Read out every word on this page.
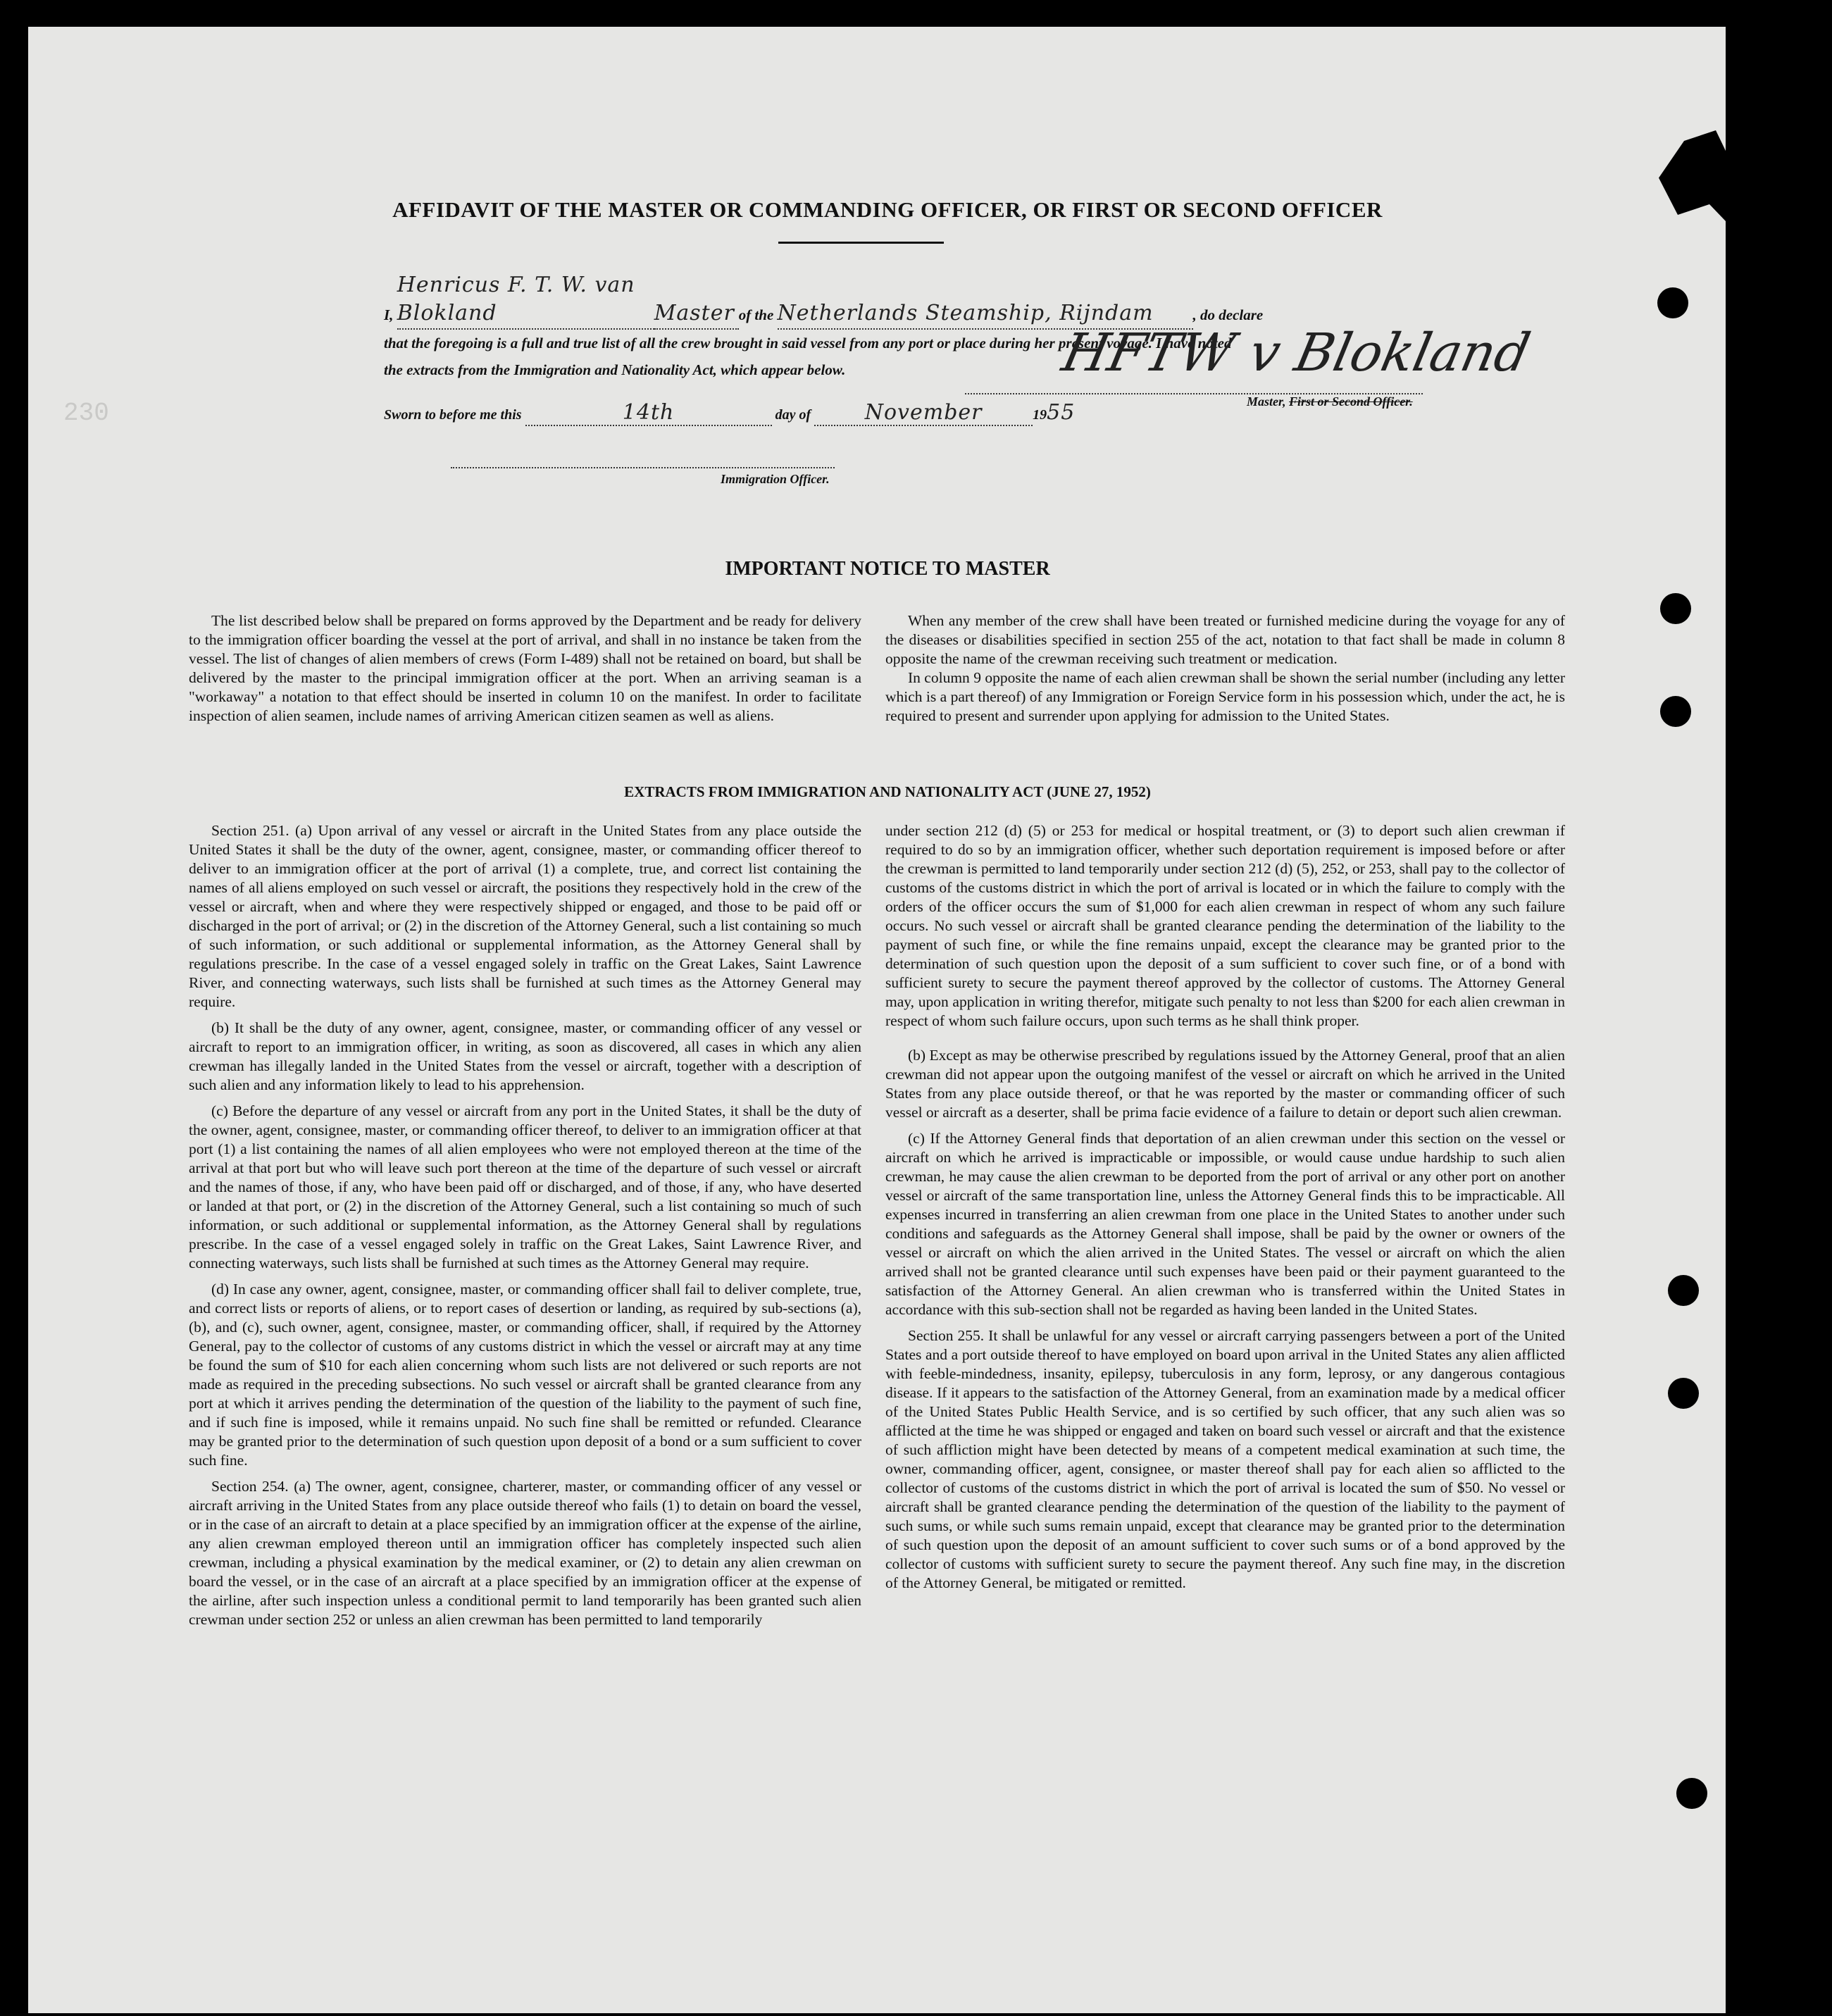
230
AFFIDAVIT OF THE MASTER OR COMMANDING OFFICER, OR FIRST OR SECOND OFFICER
I, Henricus F. T. W. van Blokland	Master of the Netherlands Steamship, Rijndam	, do declare
that the foregoing is a full and true list of all the crew brought in said vessel from any port or place during her present voyage. I have noted
the extracts from the Immigration and Nationality Act, which appear below.	HFTW v Blokland
Master, First or Second Officer.
Sworn to before me this	14th	day of	November	1955
Immigration Officer.
IMPORTANT NOTICE TO MASTER

The list described below shall be prepared on forms approved by the Department and be ready for delivery to the immigration officer boarding the vessel at the port of arrival, and shall in no instance be taken from the vessel. The list of changes of alien members of crews (Form I-489) shall not be retained on board, but shall be delivered by the master to the principal immigration officer at the port. When an arriving seaman is a "workaway" a notation to that effect should be inserted in column 10 on the manifest. In order to facilitate inspection of alien seamen, include names of arriving American citizen seamen as well as aliens.

When any member of the crew shall have been treated or furnished medicine during the voyage for any of the diseases or disabilities specified in section 255 of the act, notation to that fact shall be made in column 8 opposite the name of the crewman receiving such treatment or medication.

In column 9 opposite the name of each alien crewman shall be shown the serial number (including any letter which is a part thereof) of any Immigration or Foreign Service form in his possession which, under the act, he is required to present and surrender upon applying for admission to the United States.

EXTRACTS FROM IMMIGRATION AND NATIONALITY ACT (JUNE 27, 1952)

Section 251. (a) Upon arrival of any vessel or aircraft in the United States from any place outside the United States it shall be the duty of the owner, agent, consignee, master, or commanding officer thereof to deliver to an immigration officer at the port of arrival (1) a complete, true, and correct list containing the names of all aliens employed on such vessel or aircraft, the positions they respectively hold in the crew of the vessel or aircraft, when and where they were respectively shipped or engaged, and those to be paid off or discharged in the port of arrival; or (2) in the discretion of the Attorney General, such a list containing so much of such information, or such additional or supplemental information, as the Attorney General shall by regulations prescribe. In the case of a vessel engaged solely in traffic on the Great Lakes, Saint Lawrence River, and connecting waterways, such lists shall be furnished at such times as the Attorney General may require.

(b) It shall be the duty of any owner, agent, consignee, master, or commanding officer of any vessel or aircraft to report to an immigration officer, in writing, as soon as discovered, all cases in which any alien crewman has illegally landed in the United States from the vessel or aircraft, together with a description of such alien and any information likely to lead to his apprehension.

(c) Before the departure of any vessel or aircraft from any port in the United States, it shall be the duty of the owner, agent, consignee, master, or commanding officer thereof, to deliver to an immigration officer at that port (1) a list containing the names of all alien employees who were not employed thereon at the time of the arrival at that port but who will leave such port thereon at the time of the departure of such vessel or aircraft and the names of those, if any, who have been paid off or discharged, and of those, if any, who have deserted or landed at that port, or (2) in the discretion of the Attorney General, such a list containing so much of such information, or such additional or supplemental information, as the Attorney General shall by regulations prescribe. In the case of a vessel engaged solely in traffic on the Great Lakes, Saint Lawrence River, and connecting waterways, such lists shall be furnished at such times as the Attorney General may require.

(d) In case any owner, agent, consignee, master, or commanding officer shall fail to deliver complete, true, and correct lists or reports of aliens, or to report cases of desertion or landing, as required by sub-sections (a), (b), and (c), such owner, agent, consignee, master, or commanding officer, shall, if required by the Attorney General, pay to the collector of customs of any customs district in which the vessel or aircraft may at any time be found the sum of $10 for each alien concerning whom such lists are not delivered or such reports are not made as required in the preceding subsections. No such vessel or aircraft shall be granted clearance from any port at which it arrives pending the determination of the question of the liability to the payment of such fine, and if such fine is imposed, while it remains unpaid. No such fine shall be remitted or refunded. Clearance may be granted prior to the determination of such question upon deposit of a bond or a sum sufficient to cover such fine.

Section 254. (a) The owner, agent, consignee, charterer, master, or commanding officer of any vessel or aircraft arriving in the United States from any place outside thereof who fails (1) to detain on board the vessel, or in the case of an aircraft to detain at a place specified by an immigration officer at the expense of the airline, any alien crewman employed thereon until an immigration officer has completely inspected such alien crewman, including a physical examination by the medical examiner, or (2) to detain any alien crewman on board the vessel, or in the case of an aircraft at a place specified by an immigration officer at the expense of the airline, after such inspection unless a conditional permit to land temporarily has been granted such alien crewman under section 252 or unless an alien crewman has been permitted to land temporarily

under section 212 (d) (5) or 253 for medical or hospital treatment, or (3) to deport such alien crewman if required to do so by an immigration officer, whether such deportation requirement is imposed before or after the crewman is permitted to land temporarily under section 212 (d) (5), 252, or 253, shall pay to the collector of customs of the customs district in which the port of arrival is located or in which the failure to comply with the orders of the officer occurs the sum of $1,000 for each alien crewman in respect of whom any such failure occurs. No such vessel or aircraft shall be granted clearance pending the determination of the liability to the payment of such fine, or while the fine remains unpaid, except the clearance may be granted prior to the determination of such question upon the deposit of a sum sufficient to cover such fine, or of a bond with sufficient surety to secure the payment thereof approved by the collector of customs. The Attorney General may, upon application in writing therefor, mitigate such penalty to not less than $200 for each alien crewman in respect of whom such failure occurs, upon such terms as he shall think proper.

(b) Except as may be otherwise prescribed by regulations issued by the Attorney General, proof that an alien crewman did not appear upon the outgoing manifest of the vessel or aircraft on which he arrived in the United States from any place outside thereof, or that he was reported by the master or commanding officer of such vessel or aircraft as a deserter, shall be prima facie evidence of a failure to detain or deport such alien crewman.

(c) If the Attorney General finds that deportation of an alien crewman under this section on the vessel or aircraft on which he arrived is impracticable or impossible, or would cause undue hardship to such alien crewman, he may cause the alien crewman to be deported from the port of arrival or any other port on another vessel or aircraft of the same transportation line, unless the Attorney General finds this to be impracticable. All expenses incurred in transferring an alien crewman from one place in the United States to another under such conditions and safeguards as the Attorney General shall impose, shall be paid by the owner or owners of the vessel or aircraft on which the alien arrived in the United States. The vessel or aircraft on which the alien arrived shall not be granted clearance until such expenses have been paid or their payment guaranteed to the satisfaction of the Attorney General. An alien crewman who is transferred within the United States in accordance with this sub-section shall not be regarded as having been landed in the United States.

Section 255. It shall be unlawful for any vessel or aircraft carrying passengers between a port of the United States and a port outside thereof to have employed on board upon arrival in the United States any alien afflicted with feeble-mindedness, insanity, epilepsy, tuberculosis in any form, leprosy, or any dangerous contagious disease. If it appears to the satisfaction of the Attorney General, from an examination made by a medical officer of the United States Public Health Service, and is so certified by such officer, that any such alien was so afflicted at the time he was shipped or engaged and taken on board such vessel or aircraft and that the existence of such affliction might have been detected by means of a competent medical examination at such time, the owner, commanding officer, agent, consignee, or master thereof shall pay for each alien so afflicted to the collector of customs of the customs district in which the port of arrival is located the sum of $50. No vessel or aircraft shall be granted clearance pending the determination of the question of the liability to the payment of such sums, or while such sums remain unpaid, except that clearance may be granted prior to the determination of such question upon the deposit of an amount sufficient to cover such sums or of a bond approved by the collector of customs with sufficient surety to secure the payment thereof. Any such fine may, in the discretion of the Attorney General, be mitigated or remitted.
